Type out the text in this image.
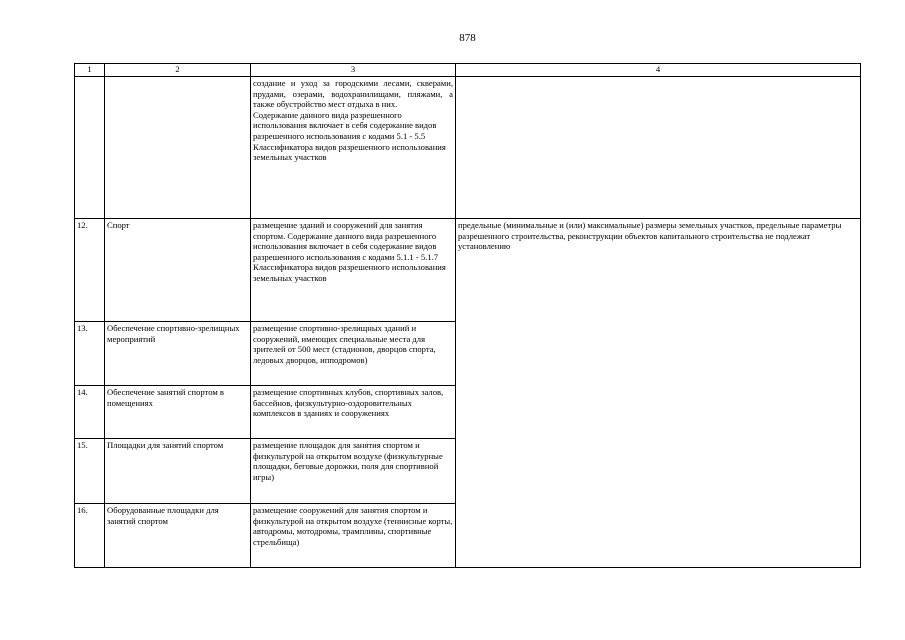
878
1	2	3	4

		создание и уход за городскими лесами, скверами, прудами, озерами, водохранилищами, пляжами, а также обустройство мест отдыха в них.
Содержание данного вида разрешенного использования включает в себя содержание видов разрешенного использования с кодами 5.1 - 5.5 Классификатора видов разрешенного использования земельных участков	

12.	Спорт	размещение зданий и сооружений для занятия спортом. Содержание данного вида разрешенного использования включает в себя содержание видов разрешенного использования с кодами 5.1.1 - 5.1.7 Классификатора видов разрешенного использования земельных участков	предельные (минимальные и (или) максимальные) размеры земельных участков, предельные параметры разрешенного строительства, реконструкции объектов капитального строительства не подлежат установлению
13.	Обеспечение спортивно-зрелищных мероприятий	размещение спортивно-зрелищных зданий и сооружений, имеющих специальные места для зрителей от 500 мест (стадионов, дворцов спорта, ледовых дворцов, ипподромов)	
14.	Обеспечение занятий спортом в помещениях	размещение спортивных клубов, спортивных залов, бассейнов, физкультурно-оздоровительных комплексов в зданиях и сооружениях	
15.	Площадки для занятий спортом	размещение площадок для занятия спортом и физкультурой на открытом воздухе (физкультурные площадки, беговые дорожки, поля для спортивной игры)	
16.	Оборудованные площадки для занятий спортом	размещение сооружений для занятия спортом и физкультурой на открытом воздухе (теннисные корты, автодромы, мотодромы, трамплины, спортивные стрельбища)	
